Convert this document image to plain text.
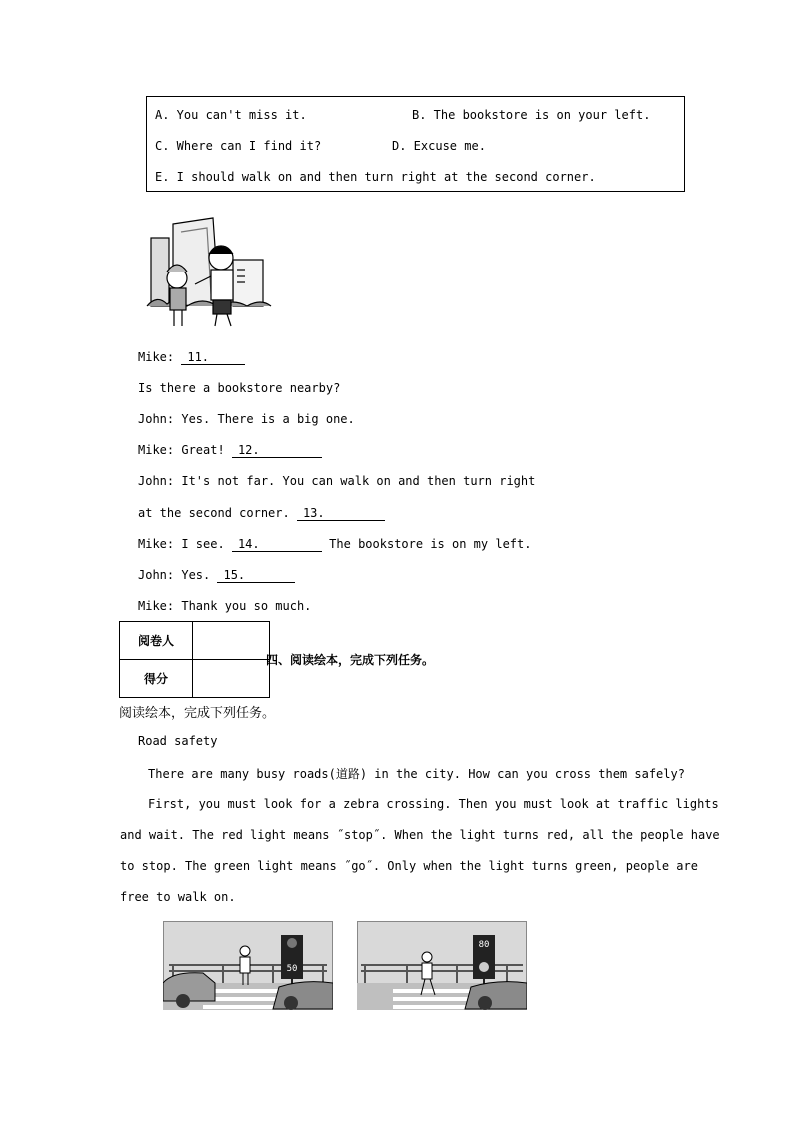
A. You can't miss it.	B. The bookstore is on your left.
C. Where can I find it?	D. Excuse me.
E. I should walk on and then turn right at the second corner.
Mike: 11.
Is there a bookstore nearby?
John: Yes. There is a big one.
Mike: Great! 12.
John: It's not far. You can walk on and then turn right
at the second corner. 13.
Mike: I see. 14.	The bookstore is on my left.
John: Yes. 15.
Mike: Thank you so much.
阅卷人	
得分	
四、阅读绘本，完成下列任务。
阅读绘本，完成下列任务。
Road safety
There are many busy roads(道路) in the city. How can you cross them safely?
First, you must look for a zebra crossing. Then you must look at traffic lights
and wait. The red light means ˝stop˝. When the light turns red, all the people have
to stop. The green light means ˝go˝. Only when the light turns green, people are
free to walk on.
50
80
